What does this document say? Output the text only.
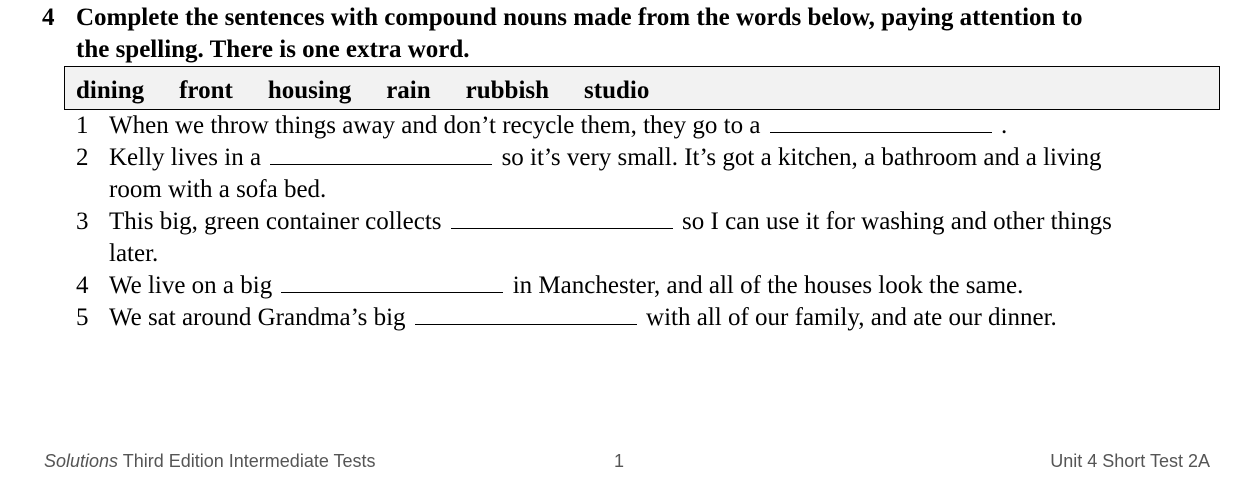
4 Complete the sentences with compound nouns made from the words below, paying attention to
the spelling. There is one extra word.
dining front housing rain rubbish studio
1 When we throw things away and don’t recycle them, they go to a	.
2 Kelly lives in a	so it’s very small. It’s got a kitchen, a bathroom and a living
room with a sofa bed.
3 This big, green container collects	so I can use it for washing and other things
later.
4 We live on a big	in Manchester, and all of the houses look the same.
5 We sat around Grandma’s big	with all of our family, and ate our dinner.
Solutions Third Edition Intermediate Tests	1	Unit 4 Short Test 2A
